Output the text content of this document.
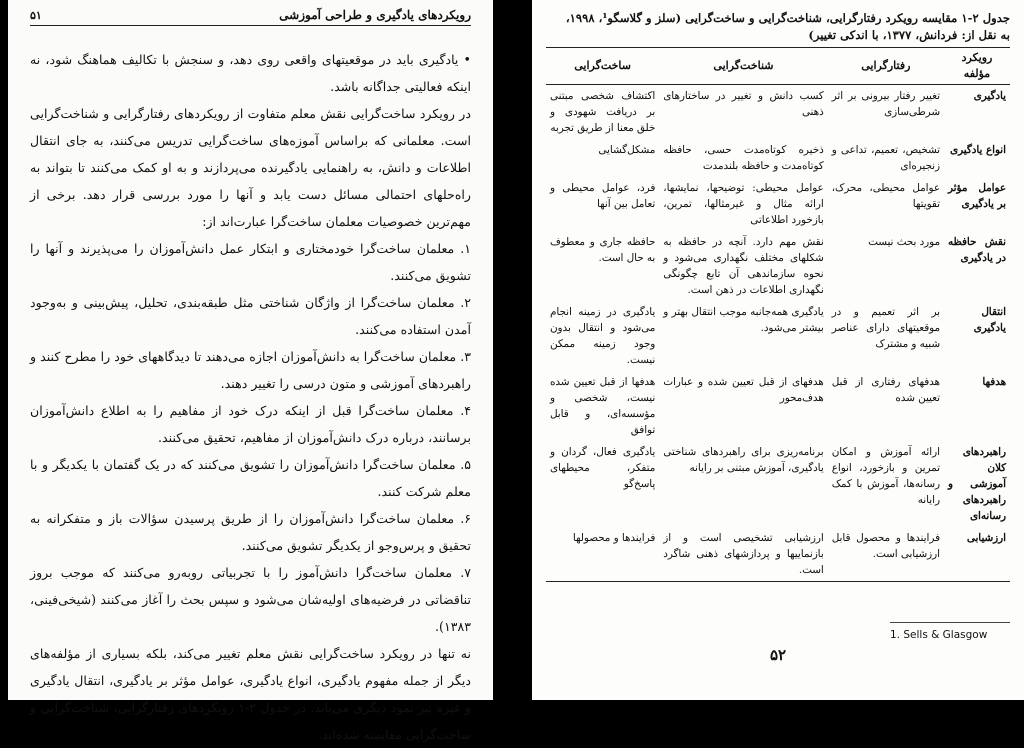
رویکردهای یادگیری و طراحی آموزشی
۵۱

• یادگیری باید در موقعیتهای واقعی روی دهد، و سنجش با تکالیف هماهنگ شود، نه اینکه فعالیتی جداگانه باشد.

در رویکرد ساخت‌گرایی نقش معلم متفاوت از رویکردهای رفتارگرایی و شناخت‌گرایی است. معلمانی که براساس آموزه‌های ساخت‌گرایی تدریس می‌کنند، به جای انتقال اطلاعات و دانش، به راهنمایی یادگیرنده می‌پردازند و به او کمک می‌کنند تا بتواند به راه‌حلهای احتمالی مسائل دست یابد و آنها را مورد بررسی قرار دهد. برخی از مهم‌ترین خصوصیات معلمان ساخت‌گرا عبارت‌اند از:

۱. معلمان ساخت‌گرا خودمختاری و ابتکار عمل دانش‌آموزان را می‌پذیرند و آنها را تشویق می‌کنند.

۲. معلمان ساخت‌گرا از واژگان شناختی مثل طبقه‌بندی، تحلیل، پیش‌بینی و به‌وجود آمدن استفاده می‌کنند.

۳. معلمان ساخت‌گرا به دانش‌آموزان اجازه می‌دهند تا دیدگاههای خود را مطرح کنند و راهبردهای آموزشی و متون درسی را تغییر دهند.

۴. معلمان ساخت‌گرا قبل از اینکه درک خود از مفاهیم را به اطلاع دانش‌آموزان برسانند، درباره درک دانش‌آموزان از مفاهیم، تحقیق می‌کنند.

۵. معلمان ساخت‌گرا دانش‌آموزان را تشویق می‌کنند که در یک گفتمان با یکدیگر و با معلم شرکت کنند.

۶. معلمان ساخت‌گرا دانش‌آموزان را از طریق پرسیدن سؤالات باز و متفکرانه به تحقیق و پرس‌وجو از یکدیگر تشویق می‌کنند.

۷. معلمان ساخت‌گرا دانش‌آموز را با تجربیاتی روبه‌رو می‌کنند که موجب بروز تناقضاتی در فرضیه‌های اولیه‌شان می‌شود و سپس بحث را آغاز می‌کنند (شیخی‌فینی، ۱۳۸۳).

نه تنها در رویکرد ساخت‌گرایی نقش معلم تغییر می‌کند، بلکه بسیاری از مؤلفه‌های دیگر از جمله مفهوم یادگیری، انواع یادگیری، عوامل مؤثر بر یادگیری، انتقال یادگیری و غیره نیز نمود دیگری می‌یابد. در جدول ۲-۱ رویکردهای رفتارگرایی، شناخت‌گرایی و ساخت‌گرایی مقایسه شده‌اند.

جدول ۲-۱ مقایسه رویکرد رفتارگرایی، شناخت‌گرایی و ساخت‌گرایی (سلز و گلاسگو¹، ۱۹۹۸،
به نقل از: فردانش، ۱۳۷۷، با اندکی تغییر)
رویکرد مؤلفه	رفتارگرایی	شناخت‌گرایی	ساخت‌گرایی
یادگیری	تغییر رفتار بیرونی بر اثر شرطی‌سازی	کسب دانش و تغییر در ساختارهای ذهنی	اکتشاف شخصی مبتنی بر دریافت شهودی و خلق معنا از طریق تجربه
انواع یادگیری	تشخیص، تعمیم، تداعی و زنجیره‌ای	ذخیره کوتاه‌مدت حسی، حافظه کوتاه‌مدت و حافظه بلندمدت	مشکل‌گشایی
عوامل مؤثر بر یادگیری	عوامل محیطی، محرک، تقویتها	عوامل محیطی: توضیحها، نمایشها، ارائه مثال و غیرمثالها، تمرین، بازخورد اطلاعاتی	فرد، عوامل محیطی و تعامل بین آنها
نقش حافظه در یادگیری	مورد بحث نیست	نقش مهم دارد. آنچه در حافظه به شکلهای مختلف نگهداری می‌شود و نحوه سازماندهی آن تابع چگونگی نگهداری اطلاعات در ذهن است.	حافظه جاری و معطوف به حال است.
انتقال یادگیری	بر اثر تعمیم و در موقعیتهای دارای عناصر شبیه و مشترک	یادگیری همه‌جانبه موجب انتقال بهتر و بیشتر می‌شود.	یادگیری در زمینه انجام می‌شود و انتقال بدون وجود زمینه ممکن نیست.
هدفها	هدفهای رفتاری از قبل تعیین شده	هدفهای از قبل تعیین شده و عبارات هدف‌محور	هدفها از قبل تعیین شده نیست، شخصی و مؤسسه‌ای، و قابل توافق
راهبردهای کلان آموزشی و راهبردهای رسانه‌ای	ارائه آموزش و امکان تمرین و بازخورد، انواع رسانه‌ها، آموزش با کمک رایانه	برنامه‌ریزی برای راهبردهای شناختی یادگیری، آموزش مبتنی بر رایانه	یادگیری فعال، گردان و متفکر، محیطهای پاسخ‌گو
ارزشیابی	فرایندها و محصول قابل ارزشیابی است.	ارزشیابی تشخیصی است و از بازنماییها و پردازشهای ذهنی شاگرد است.	فرایندها و محصولها
1. Sells & Glasgow
۵۲
